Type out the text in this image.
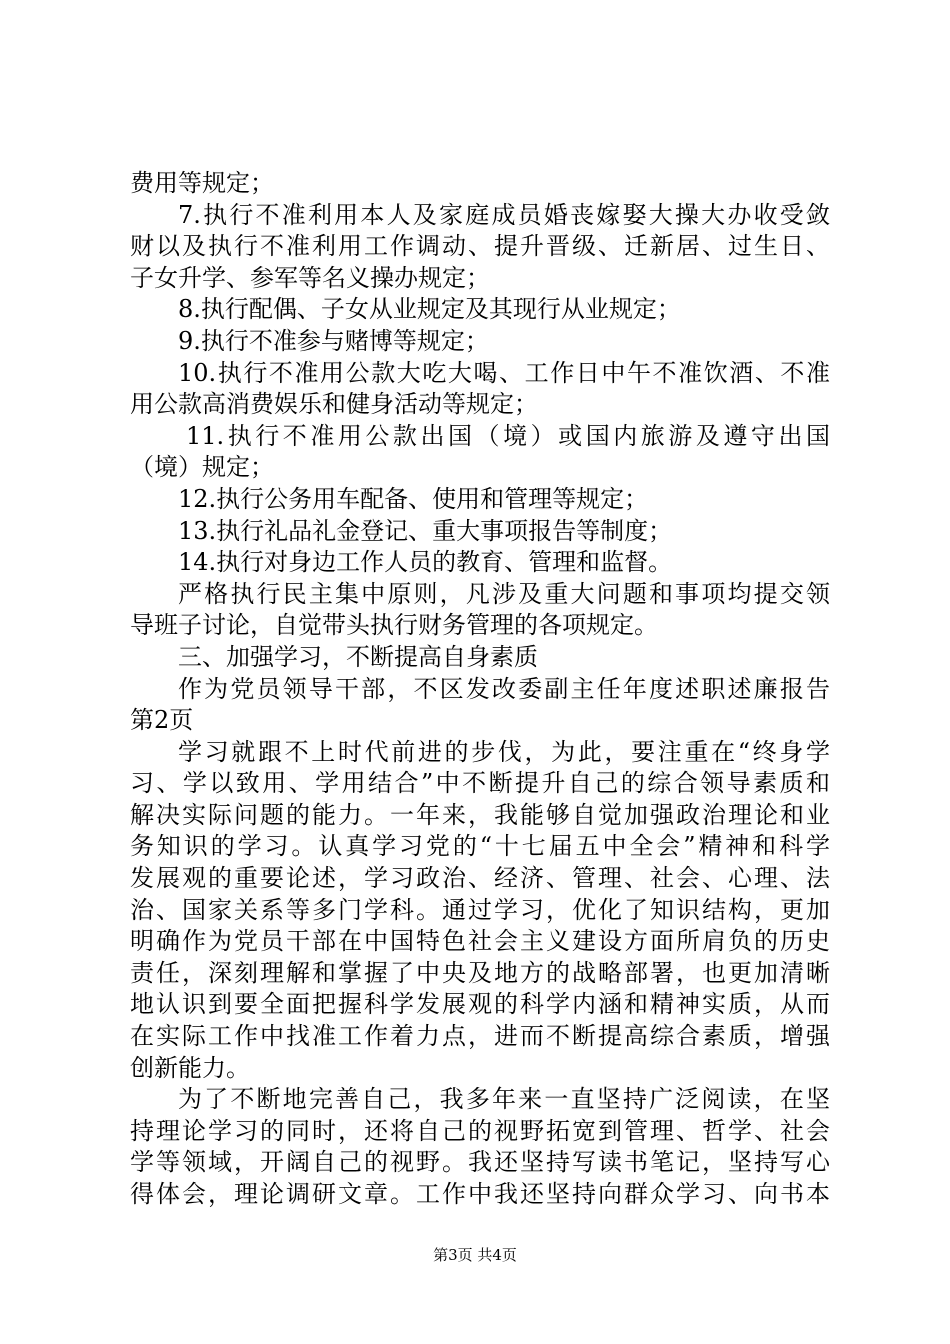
费用等规定；
7.执行不准利用本人及家庭成员婚丧嫁娶大操大办收受敛
财以及执行不准利用工作调动、提升晋级、迁新居、过生日、
子女升学、参军等名义操办规定；
8.执行配偶、子女从业规定及其现行从业规定；
9.执行不准参与赌博等规定；
10.执行不准用公款大吃大喝、工作日中午不准饮酒、不准
用公款高消费娱乐和健身活动等规定；
11.执行不准用公款出国（境）或国内旅游及遵守出国
（境）规定；
12.执行公务用车配备、使用和管理等规定；
13.执行礼品礼金登记、重大事项报告等制度；
14.执行对身边工作人员的教育、管理和监督。
严格执行民主集中原则，凡涉及重大问题和事项均提交领
导班子讨论，自觉带头执行财务管理的各项规定。
三、加强学习，不断提高自身素质
作为党员领导干部，不区发改委副主任年度述职述廉报告
第2页
学习就跟不上时代前进的步伐，为此，要注重在“终身学
习、学以致用、学用结合”中不断提升自己的综合领导素质和
解决实际问题的能力。一年来，我能够自觉加强政治理论和业
务知识的学习。认真学习党的“十七届五中全会”精神和科学
发展观的重要论述，学习政治、经济、管理、社会、心理、法
治、国家关系等多门学科。通过学习，优化了知识结构，更加
明确作为党员干部在中国特色社会主义建设方面所肩负的历史
责任，深刻理解和掌握了中央及地方的战略部署，也更加清晰
地认识到要全面把握科学发展观的科学内涵和精神实质，从而
在实际工作中找准工作着力点，进而不断提高综合素质，增强
创新能力。
为了不断地完善自己，我多年来一直坚持广泛阅读，在坚
持理论学习的同时，还将自己的视野拓宽到管理、哲学、社会
学等领域，开阔自己的视野。我还坚持写读书笔记，坚持写心
得体会，理论调研文章。工作中我还坚持向群众学习、向书本
第3页 共4页
